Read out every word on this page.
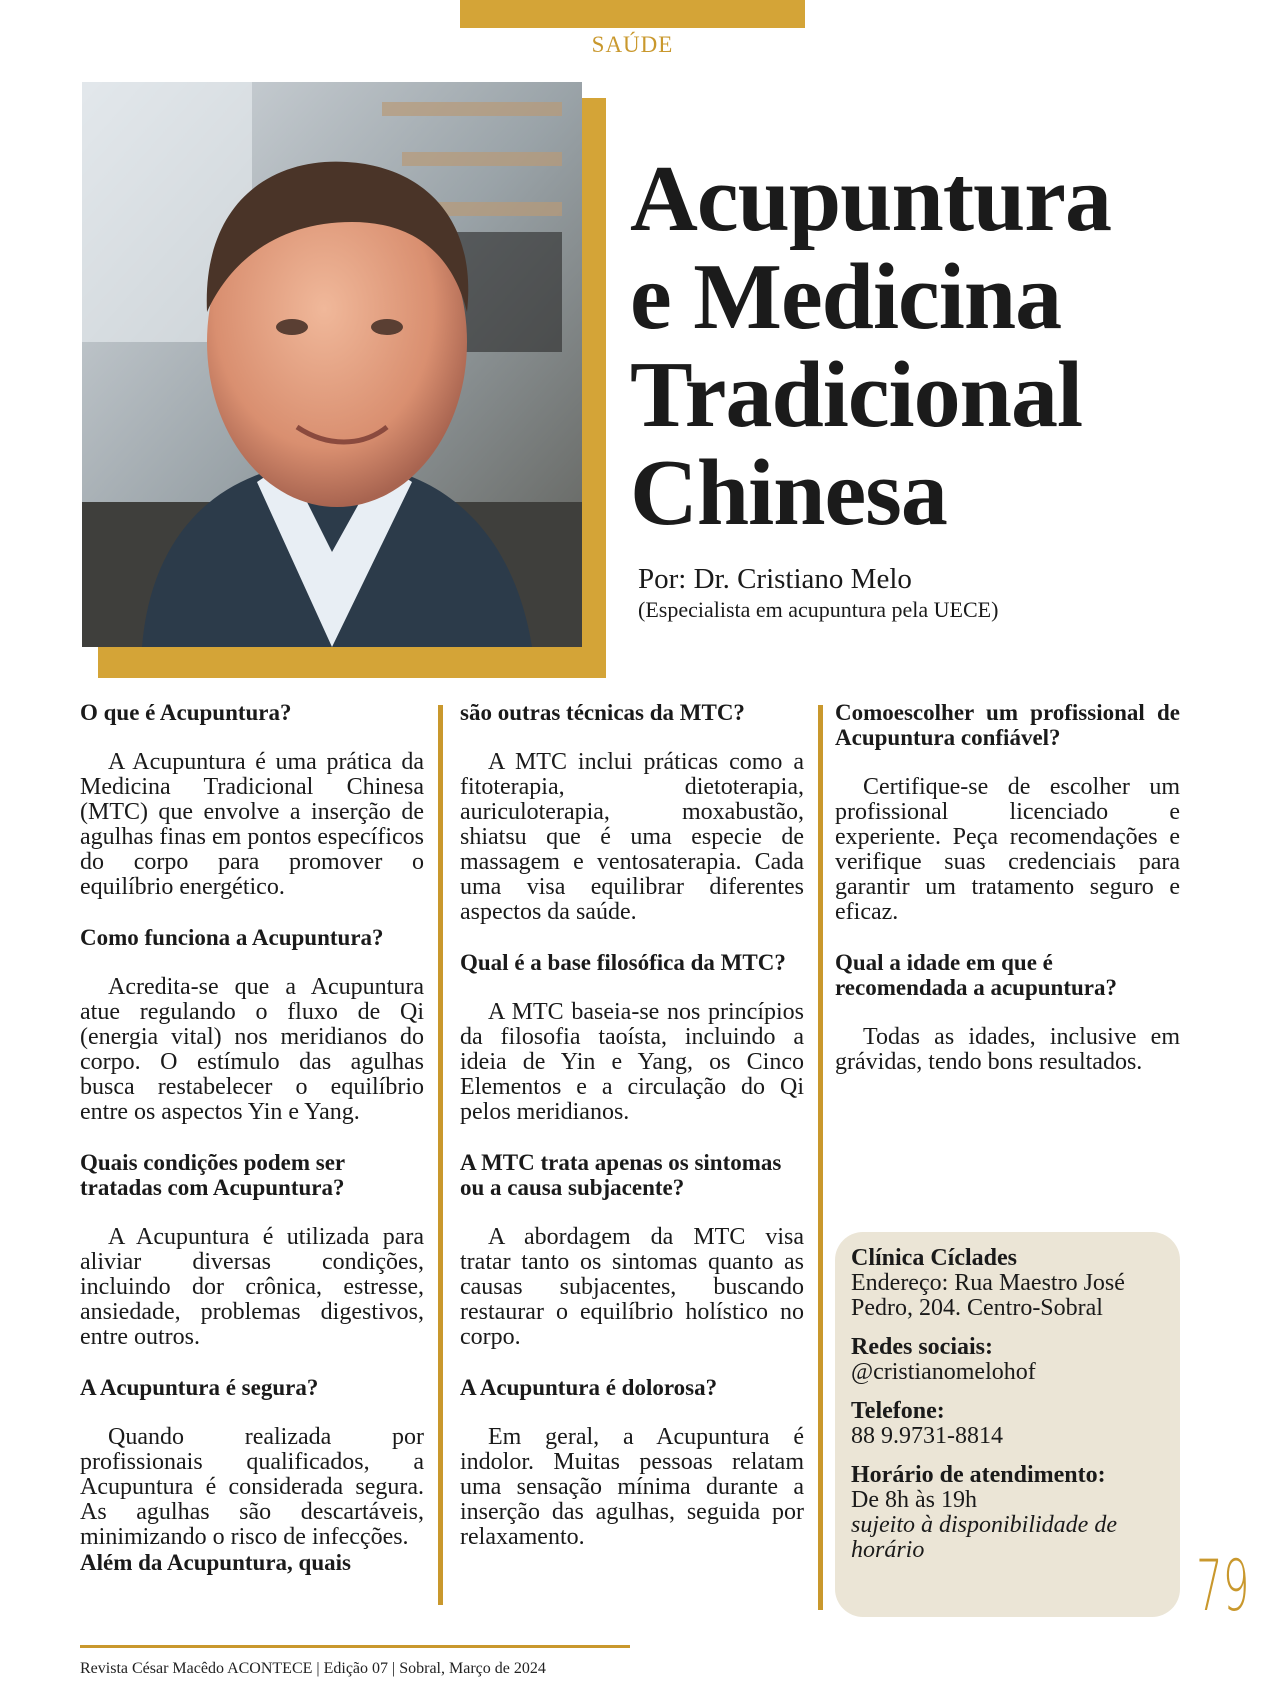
SAÚDE
Acupuntura
e Medicina
Tradicional
Chinesa
Por: Dr. Cristiano Melo
(Especialista em acupuntura pela UECE)
O que é Acupuntura?

A Acupuntura é uma prática da Medicina Tradicional Chinesa (MTC) que envolve a inserção de agulhas finas em pontos específicos do corpo para promover o equilíbrio energético.

Como funciona a Acupuntura?

Acredita-se que a Acupuntura atue regulando o fluxo de Qi (energia vital) nos meridianos do corpo. O estímulo das agulhas busca restabelecer o equilíbrio entre os aspectos Yin e Yang.

Quais condições podem ser tratadas com Acupuntura?

A Acupuntura é utilizada para aliviar diversas condições, incluindo dor crônica, estresse, ansiedade, problemas digestivos, entre outros.

A Acupuntura é segura?

Quando realizada por profissionais qualificados, a Acupuntura é considerada segura. As agulhas são descartáveis, minimizando o risco de infecções.

Além da Acupuntura, quais
são outras técnicas da MTC?

A MTC inclui práticas como a fitoterapia, dietoterapia, auriculoterapia, moxabustão, shiatsu que é uma especie de massagem e ventosaterapia. Cada uma visa equilibrar diferentes aspectos da saúde.

Qual é a base filosófica da MTC?

A MTC baseia-se nos princípios da filosofia taoísta, incluindo a ideia de Yin e Yang, os Cinco Elementos e a circulação do Qi pelos meridianos.

A MTC trata apenas os sintomas ou a causa subjacente?

A abordagem da MTC visa tratar tanto os sintomas quanto as causas subjacentes, buscando restaurar o equilíbrio holístico no corpo.

A Acupuntura é dolorosa?

Em geral, a Acupuntura é indolor. Muitas pessoas relatam uma sensação mínima durante a inserção das agulhas, seguida por relaxamento.

Comoescolher um profissional de Acupuntura confiável?

Certifique-se de escolher um profissional licenciado e experiente. Peça recomendações e verifique suas credenciais para garantir um tratamento seguro e eficaz.

Qual a idade em que é recomendada a acupuntura?

Todas as idades, inclusive em grávidas, tendo bons resultados.

Clínica Cíclades
Endereço: Rua Maestro José Pedro, 204. Centro-Sobral
Redes sociais:
@cristianomelohof
Telefone:
88 9.9731-8814
Horário de atendimento:
De 8h às 19h
sujeito à disponibilidade de horário	79
Revista César Macêdo ACONTECE | Edição 07 | Sobral, Março de 2024
